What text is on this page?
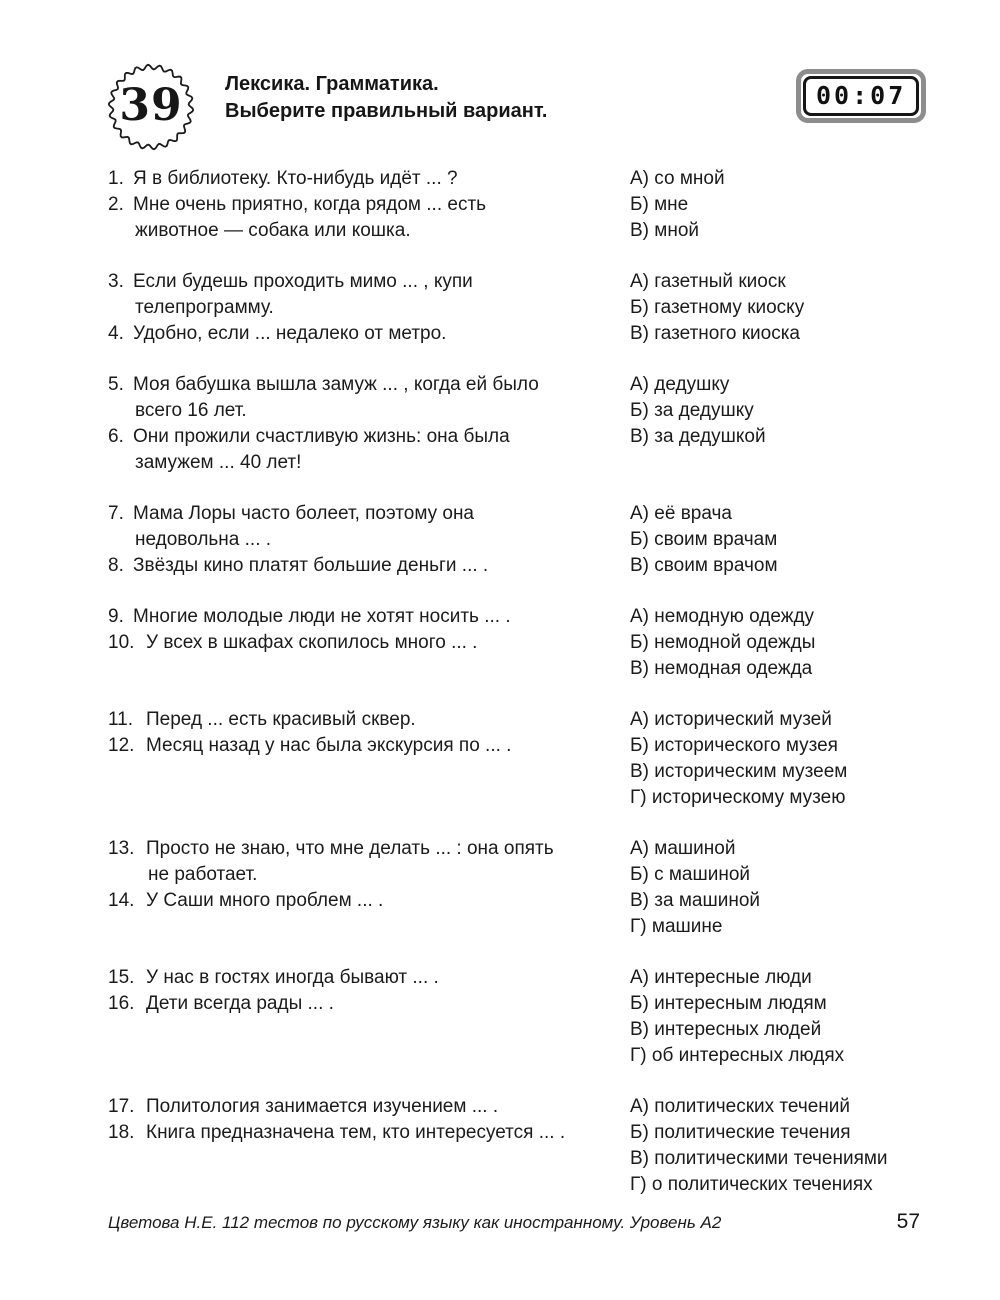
39	Лексика. Грамматика.
Выберите правильный вариант.
00:07
1. Я в библиотеку. Кто-нибудь идёт ... ?
2. Мне очень приятно, когда рядом ... есть
животное — собака или кошка.
А) со мной
Б) мне
В) мной
3. Если будешь проходить мимо ... , купи
телепрограмму.
4. Удобно, если ... недалеко от метро.
А) газетный киоск
Б) газетному киоску
В) газетного киоска
5. Моя бабушка вышла замуж ... , когда ей было
всего 16 лет.
6. Они прожили счастливую жизнь: она была
замужем ... 40 лет!
А) дедушку
Б) за дедушку
В) за дедушкой
7. Мама Лоры часто болеет, поэтому она
недовольна ... .
8. Звёзды кино платят большие деньги ... .
А) её врача
Б) своим врачам
В) своим врачом
9. Многие молодые люди не хотят носить ... .
10. У всех в шкафах скопилось много ... .
А) немодную одежду
Б) немодной одежды
В) немодная одежда
11. Перед ... есть красивый сквер.
12. Месяц назад у нас была экскурсия по ... .
А) исторический музей
Б) исторического музея
В) историческим музеем
Г) историческому музею
13. Просто не знаю, что мне делать ... : она опять
не работает.
14. У Саши много проблем ... .
А) машиной
Б) с машиной
В) за машиной
Г) машине
15. У нас в гостях иногда бывают ... .
16. Дети всегда рады ... .
А) интересные люди
Б) интересным людям
В) интересных людей
Г) об интересных людях
17. Политология занимается изучением ... .
18. Книга предназначена тем, кто интересуется ... .
А) политических течений
Б) политические течения
В) политическими течениями
Г) о политических течениях
Цветова Н.Е. 112 тестов по русскому языку как иностранному. Уровень А2	57
